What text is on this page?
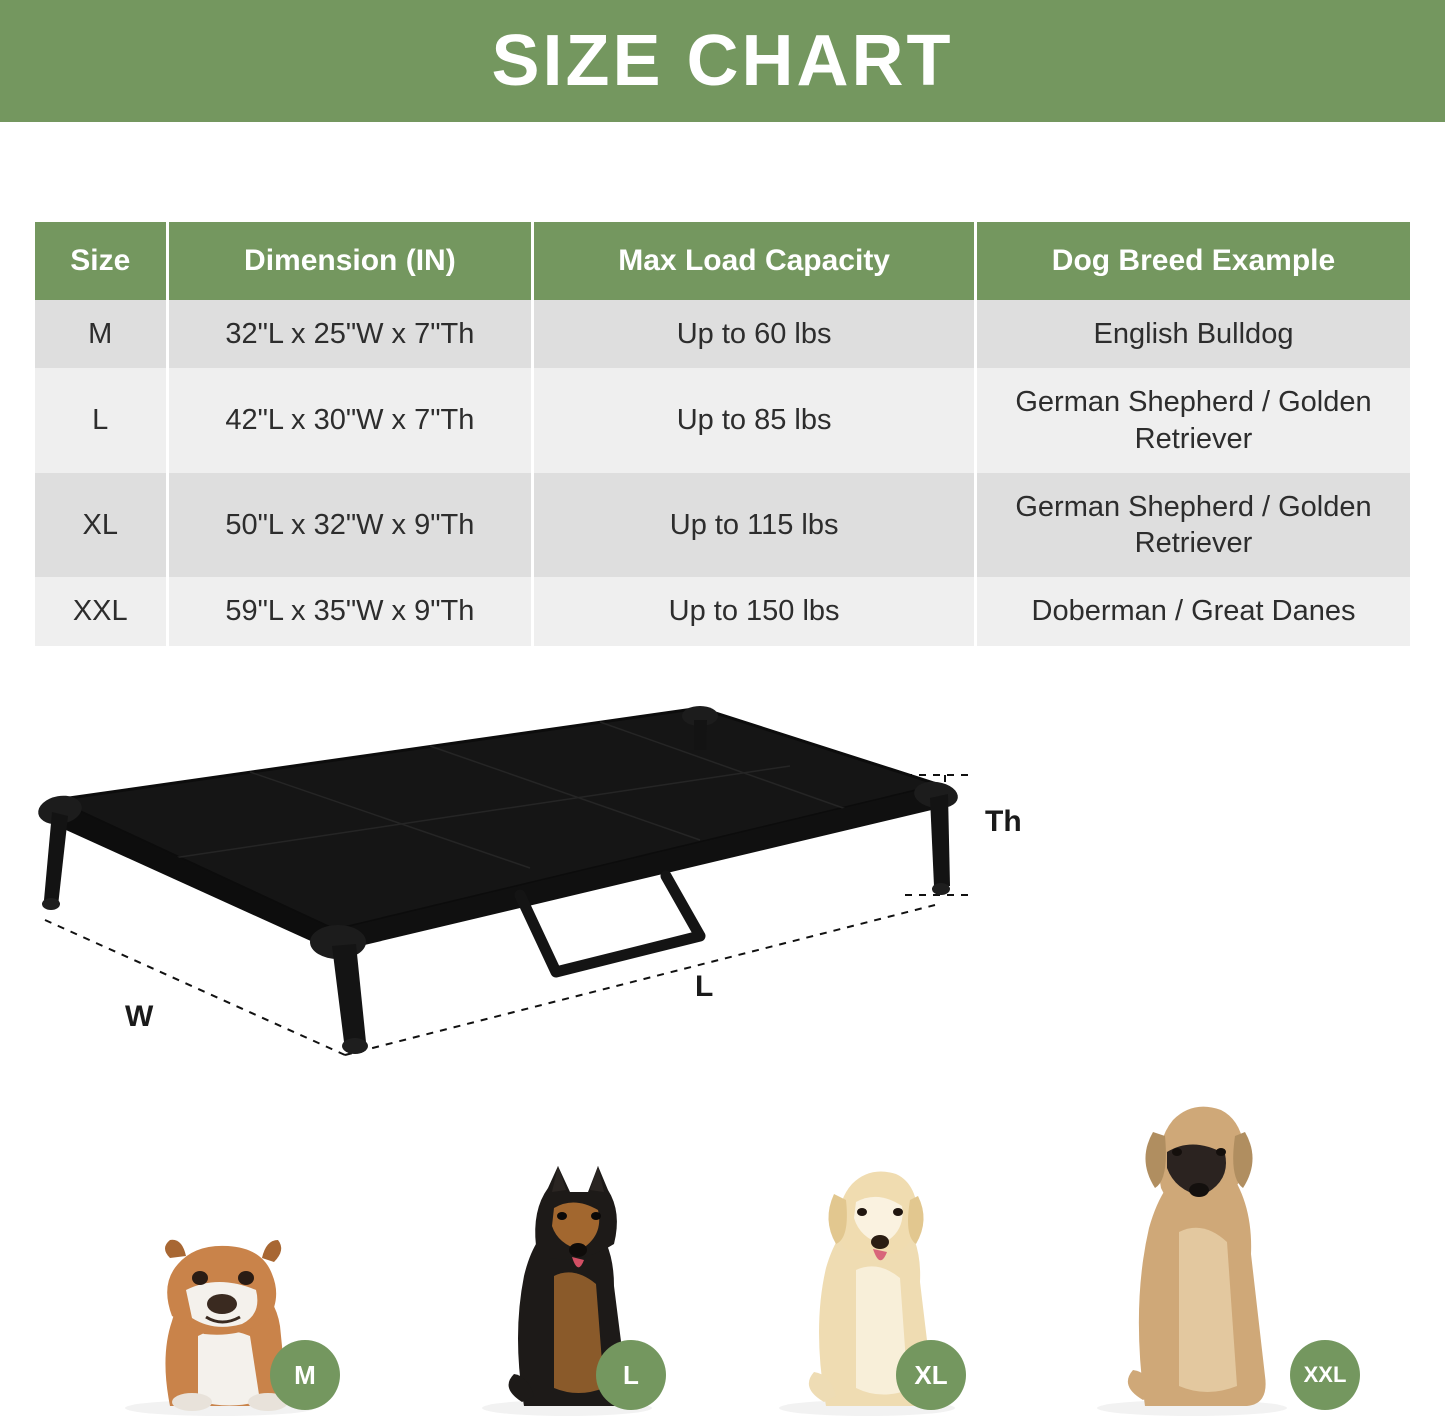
SIZE CHART
Size	Dimension (IN)	Max Load Capacity	Dog Breed Example
M	32"L x 25"W x 7"Th	Up to 60 lbs	English Bulldog
L	42"L x 30"W x 7"Th	Up to 85 lbs	German Shepherd / Golden Retriever
XL	50"L x 32"W x 9"Th	Up to 115 lbs	German Shepherd / Golden Retriever
XXL	59"L x 35"W x 9"Th	Up to 150 lbs	Doberman / Great Danes
Th
W
L
M	L	XL	XXL
